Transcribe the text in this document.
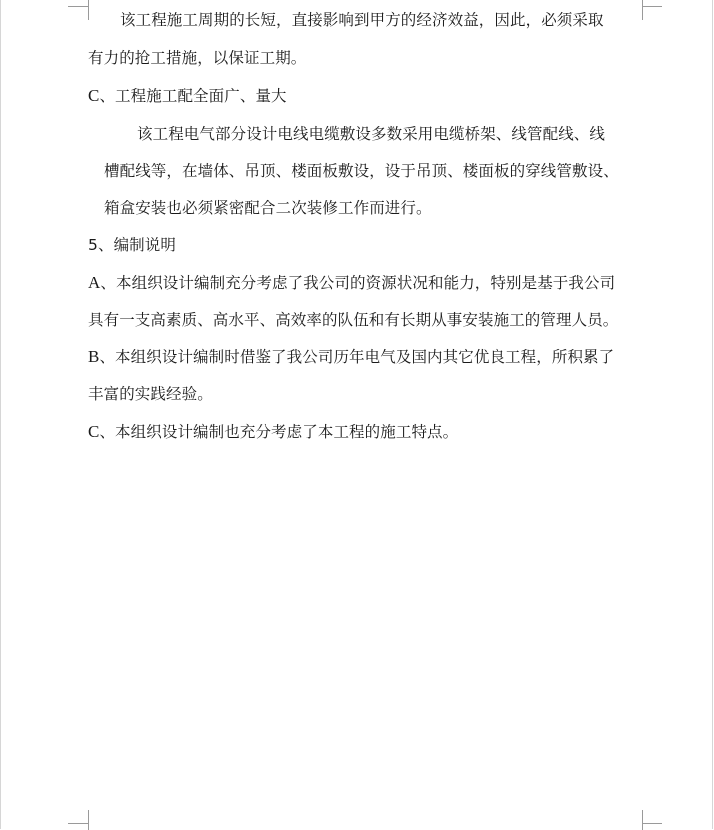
该工程施工周期的长短，直接影响到甲方的经济效益，因此，必须采取
有力的抢工措施，以保证工期。
C、工程施工配全面广、量大
该工程电气部分设计电线电缆敷设多数采用电缆桥架、线管配线、线
槽配线等，在墙体、吊顶、楼面板敷设，设于吊顶、楼面板的穿线管敷设、
箱盒安装也必须紧密配合二次装修工作而进行。
5、编制说明
A、本组织设计编制充分考虑了我公司的资源状况和能力，特别是基于我公司
具有一支高素质、高水平、高效率的队伍和有长期从事安装施工的管理人员。
B、本组织设计编制时借鉴了我公司历年电气及国内其它优良工程，所积累了
丰富的实践经验。
C、本组织设计编制也充分考虑了本工程的施工特点。
